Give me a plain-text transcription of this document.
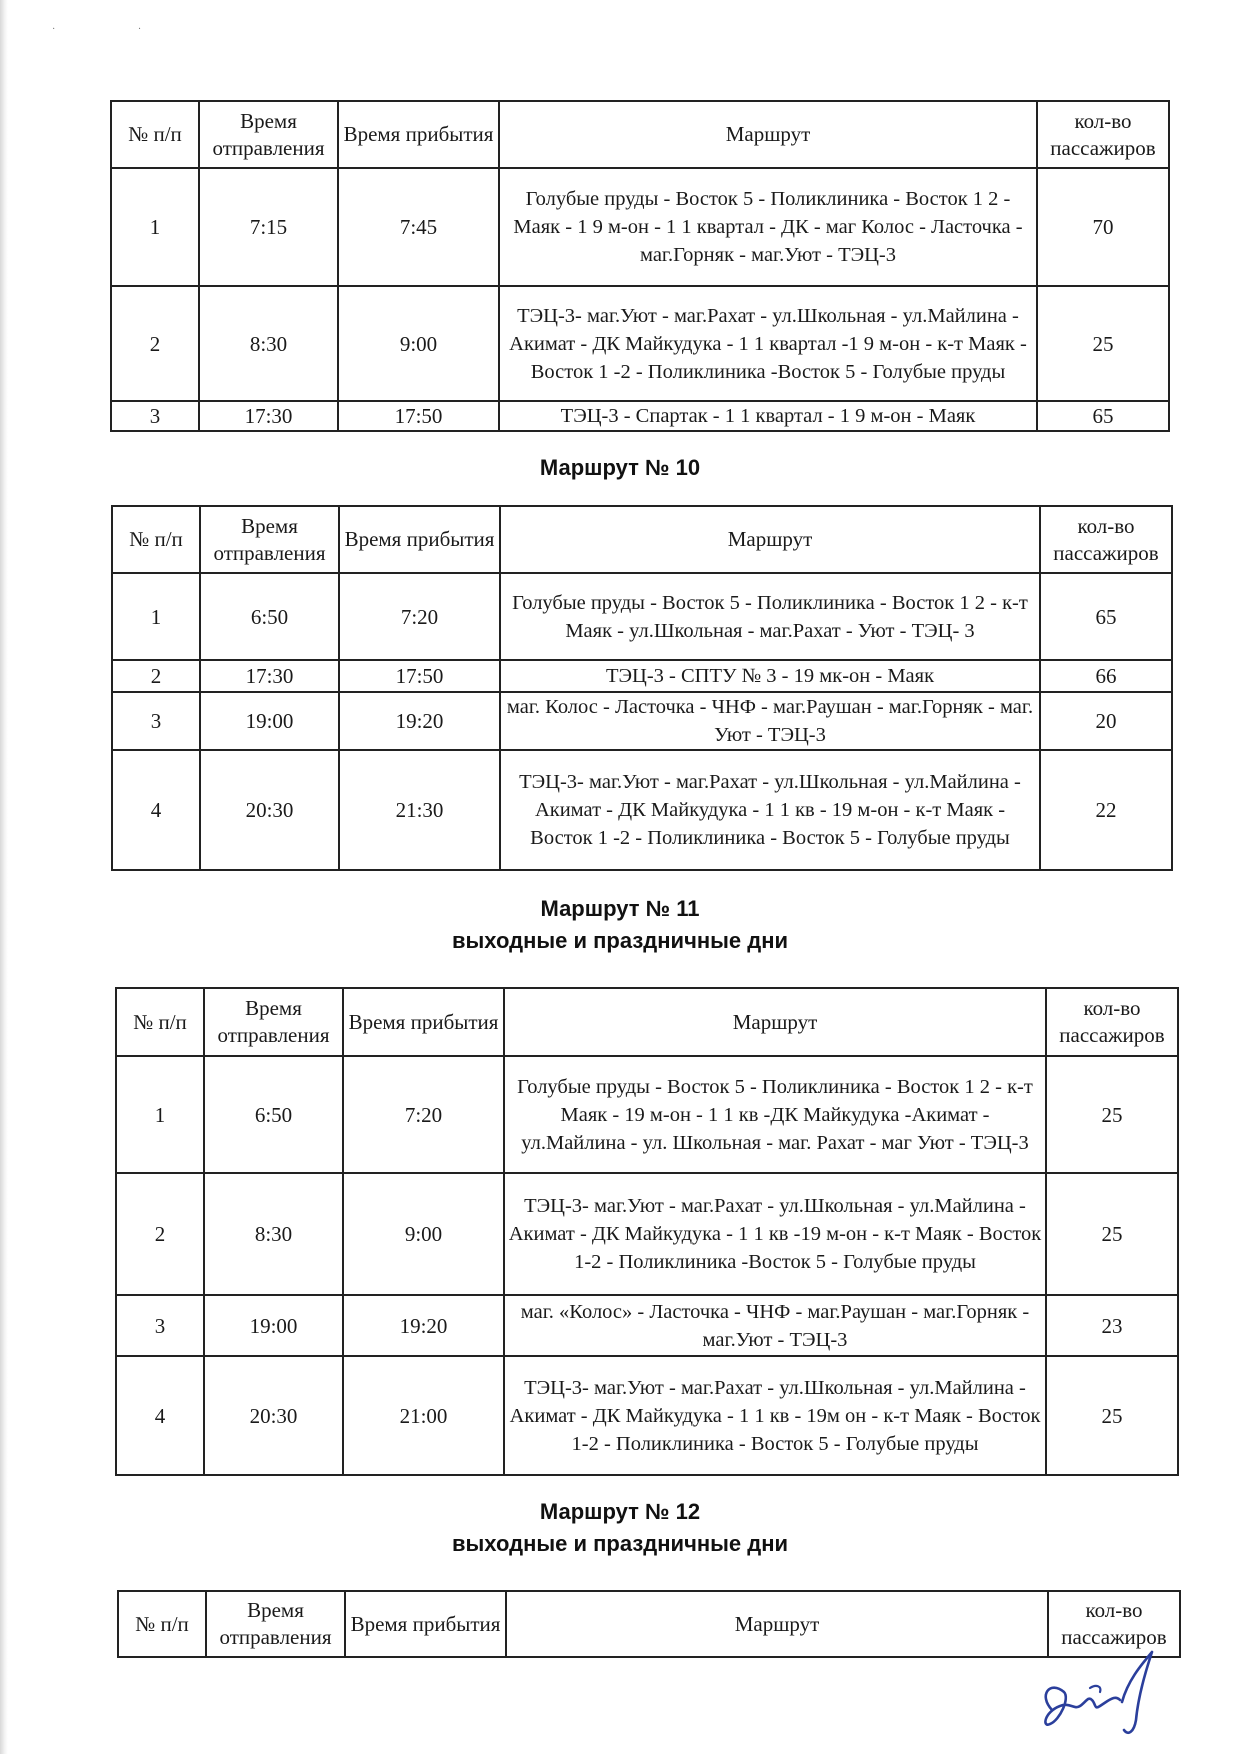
· ·
№ п/п	Время отправления	Время прибытия	Маршрут	кол-во пассажиров
1	7:15	7:45	Голубые пруды - Восток 5 - Поликлиника - Восток 1 2 - Маяк - 1 9 м-он - 1 1 квартал - ДК - маг Колос - Ласточка - маг.Горняк - маг.Уют - ТЭЦ-3	70
2	8:30	9:00	ТЭЦ-3- маг.Уют - маг.Рахат - ул.Школьная - ул.Майлина - Акимат - ДК Майкудука - 1 1 квартал -1 9 м-он - к-т Маяк - Восток 1 -2 - Поликлиника -Восток 5 - Голубые пруды	25
3	17:30	17:50	ТЭЦ-3 - Спартак - 1 1 квартал - 1 9 м-он - Маяк	65
Маршрут № 10
№ п/п	Время отправления	Время прибытия	Маршрут	кол-во пассажиров
1	6:50	7:20	Голубые пруды - Восток 5 - Поликлиника - Восток 1 2 - к-т Маяк - ул.Школьная - маг.Рахат - Уют - ТЭЦ- 3	65
2	17:30	17:50	ТЭЦ-3 - СПТУ № 3 - 19 мк-он - Маяк	66
3	19:00	19:20	маг. Колос - Ласточка - ЧНФ - маг.Раушан - маг.Горняк - маг. Уют - ТЭЦ-3	20
4	20:30	21:30	ТЭЦ-3- маг.Уют - маг.Рахат - ул.Школьная - ул.Майлина - Акимат - ДК Майкудука - 1 1 кв - 19 м-он - к-т Маяк - Восток 1 -2 - Поликлиника - Восток 5 - Голубые пруды	22
Маршрут № 11
выходные и праздничные дни
№ п/п	Время отправления	Время прибытия	Маршрут	кол-во пассажиров
1	6:50	7:20	Голубые пруды - Восток 5 - Поликлиника - Восток 1 2 - к-т Маяк - 19 м-он - 1 1 кв -ДК Майкудука -Акимат - ул.Майлина - ул. Школьная - маг. Рахат - маг Уют - ТЭЦ-3	25
2	8:30	9:00	ТЭЦ-3- маг.Уют - маг.Рахат - ул.Школьная - ул.Майлина - Акимат - ДК Майкудука - 1 1 кв -19 м-он - к-т Маяк - Восток 1-2 - Поликлиника -Восток 5 - Голубые пруды	25
3	19:00	19:20	маг. «Колос» - Ласточка - ЧНФ - маг.Раушан - маг.Горняк - маг.Уют - ТЭЦ-3	23
4	20:30	21:00	ТЭЦ-3- маг.Уют - маг.Рахат - ул.Школьная - ул.Майлина - Акимат - ДК Майкудука - 1 1 кв - 19м он - к-т Маяк - Восток 1-2 - Поликлиника - Восток 5 - Голубые пруды	25
Маршрут № 12
выходные и праздничные дни
№ п/п	Время отправления	Время прибытия	Маршрут	кол-во пассажиров
